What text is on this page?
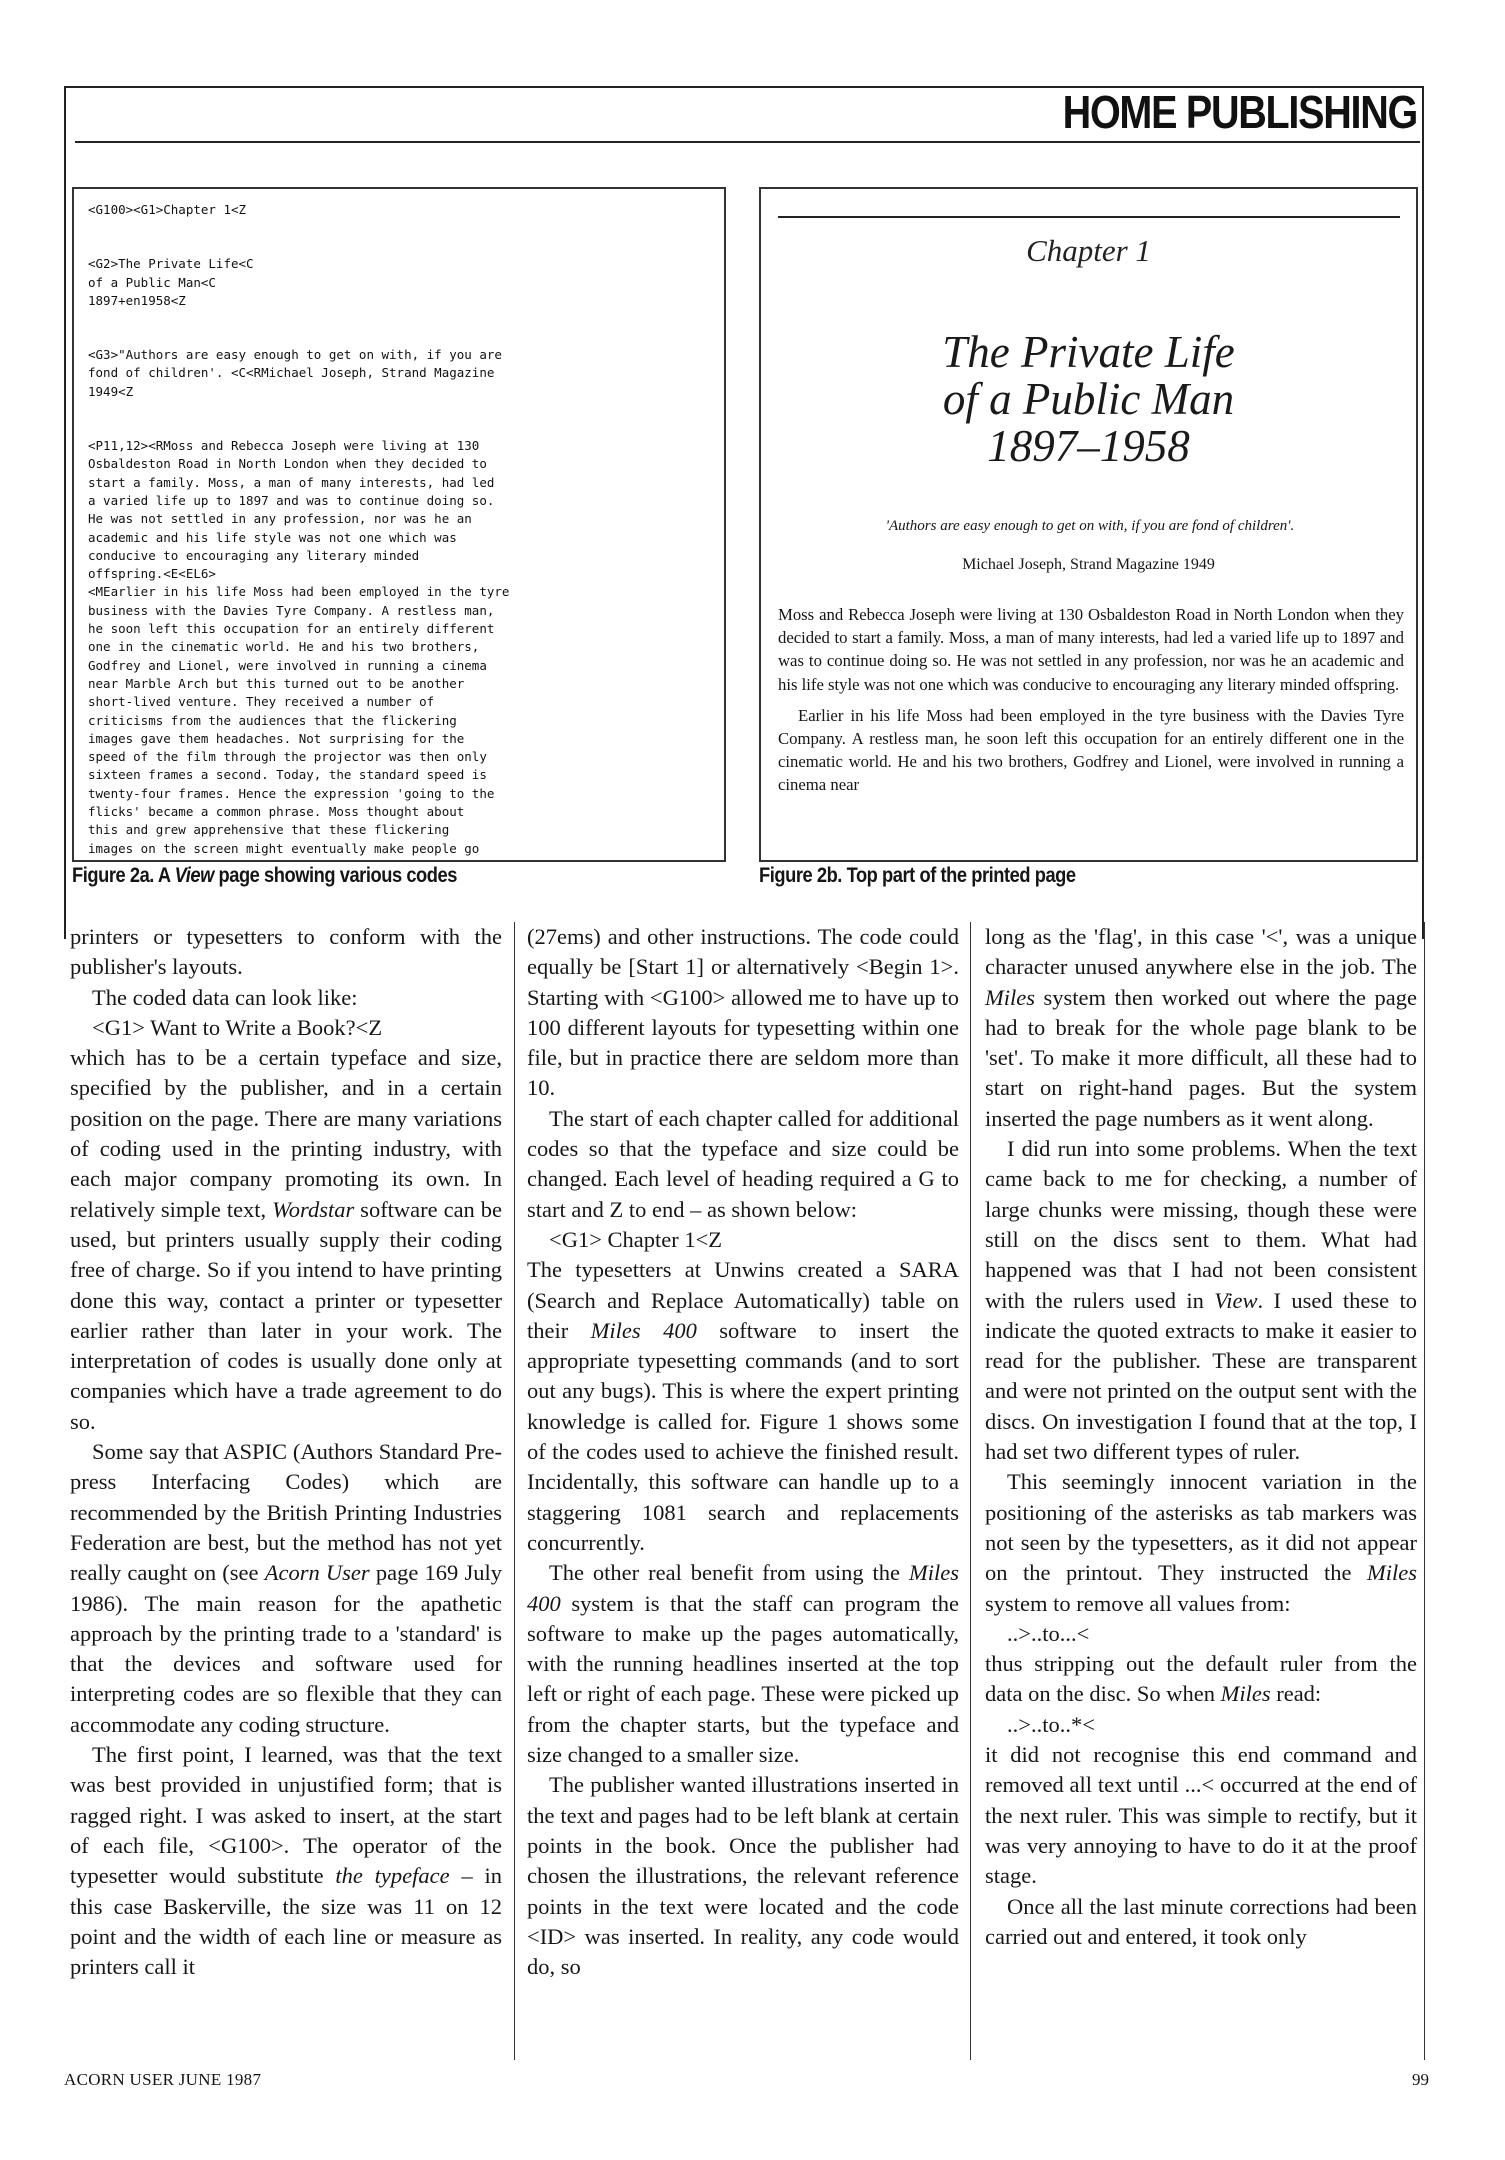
HOME PUBLISHING
<G100><G1>Chapter 1<Z
<G2>The Private Life<C
of a Public Man<C
1897+en1958<Z
<G3>"Authors are easy enough to get on with, if you are
fond of children'. <C<RMichael Joseph, Strand Magazine
1949<Z
<P11,12><RMoss and Rebecca Joseph were living at 130
Osbaldeston Road in North London when they decided to
start a family. Moss, a man of many interests, had led
a varied life up to 1897 and was to continue doing so.
He was not settled in any profession, nor was he an
academic and his life style was not one which was
conducive to encouraging any literary minded
offspring.<E<EL6>
<MEarlier in his life Moss had been employed in the tyre
business with the Davies Tyre Company. A restless man,
he soon left this occupation for an entirely different
one in the cinematic world. He and his two brothers,
Godfrey and Lionel, were involved in running a cinema
near Marble Arch but this turned out to be another
short-lived venture. They received a number of
criticisms from the audiences that the flickering
images gave them headaches. Not surprising for the
speed of the film through the projector was then only
sixteen frames a second. Today, the standard speed is
twenty-four frames. Hence the expression 'going to the
flicks' became a common phrase. Moss thought about
this and grew apprehensive that these flickering
images on the screen might eventually make people go

Figure 2a. A View page showing various codes

Chapter 1
The Private Life
of a Public Man
1897–1958
'Authors are easy enough to get on with, if you are fond of children'.
Michael Joseph, Strand Magazine 1949

Moss and Rebecca Joseph were living at 130 Osbaldeston Road in North London when they decided to start a family. Moss, a man of many interests, had led a varied life up to 1897 and was to continue doing so. He was not settled in any profession, nor was he an academic and his life style was not one which was conducive to encouraging any literary minded offspring.

Earlier in his life Moss had been employed in the tyre business with the Davies Tyre Company. A restless man, he soon left this occupation for an entirely different one in the cinematic world. He and his two brothers, Godfrey and Lionel, were involved in running a cinema near

Figure 2b. Top part of the printed page

printers or typesetters to conform with the publisher's layouts.

The coded data can look like:

<G1> Want to Write a Book?<Z

which has to be a certain typeface and size, specified by the publisher, and in a certain position on the page. There are many variations of coding used in the printing industry, with each major company promoting its own. In relatively simple text, Wordstar software can be used, but printers usually supply their coding free of charge. So if you intend to have printing done this way, contact a printer or typesetter earlier rather than later in your work. The interpretation of codes is usually done only at companies which have a trade agreement to do so.

Some say that ASPIC (Authors Standard Pre-press Interfacing Codes) which are recommended by the British Printing Industries Federation are best, but the method has not yet really caught on (see Acorn User page 169 July 1986). The main reason for the apathetic approach by the printing trade to a 'standard' is that the devices and software used for interpreting codes are so flexible that they can accommodate any coding structure.

The first point, I learned, was that the text was best provided in unjustified form; that is ragged right. I was asked to insert, at the start of each file, <G100>. The operator of the typesetter would substitute the typeface – in this case Baskerville, the size was 11 on 12 point and the width of each line or measure as printers call it

(27ems) and other instructions. The code could equally be [Start 1] or alternatively <Begin 1>. Starting with <G100> allowed me to have up to 100 different layouts for typesetting within one file, but in practice there are seldom more than 10.

The start of each chapter called for additional codes so that the typeface and size could be changed. Each level of heading required a G to start and Z to end – as shown below:

<G1> Chapter 1<Z

The typesetters at Unwins created a SARA (Search and Replace Automatically) table on their Miles 400 software to insert the appropriate typesetting commands (and to sort out any bugs). This is where the expert printing knowledge is called for. Figure 1 shows some of the codes used to achieve the finished result. Incidentally, this software can handle up to a staggering 1081 search and replacements concurrently.

The other real benefit from using the Miles 400 system is that the staff can program the software to make up the pages automatically, with the running headlines inserted at the top left or right of each page. These were picked up from the chapter starts, but the typeface and size changed to a smaller size.

The publisher wanted illustrations inserted in the text and pages had to be left blank at certain points in the book. Once the publisher had chosen the illustrations, the relevant reference points in the text were located and the code <ID> was inserted. In reality, any code would do, so

long as the 'flag', in this case '<', was a unique character unused anywhere else in the job. The Miles system then worked out where the page had to break for the whole page blank to be 'set'. To make it more difficult, all these had to start on right-hand pages. But the system inserted the page numbers as it went along.

I did run into some problems. When the text came back to me for checking, a number of large chunks were missing, though these were still on the discs sent to them. What had happened was that I had not been consistent with the rulers used in View. I used these to indicate the quoted extracts to make it easier to read for the publisher. These are transparent and were not printed on the output sent with the discs. On investigation I found that at the top, I had set two different types of ruler.

This seemingly innocent variation in the positioning of the asterisks as tab markers was not seen by the typesetters, as it did not appear on the printout. They instructed the Miles system to remove all values from:

..>..to...<

thus stripping out the default ruler from the data on the disc. So when Miles read:

..>..to..*<

it did not recognise this end command and removed all text until ...< occurred at the end of the next ruler. This was simple to rectify, but it was very annoying to have to do it at the proof stage.

Once all the last minute corrections had been carried out and entered, it took only

ACORN USER JUNE 1987	99
